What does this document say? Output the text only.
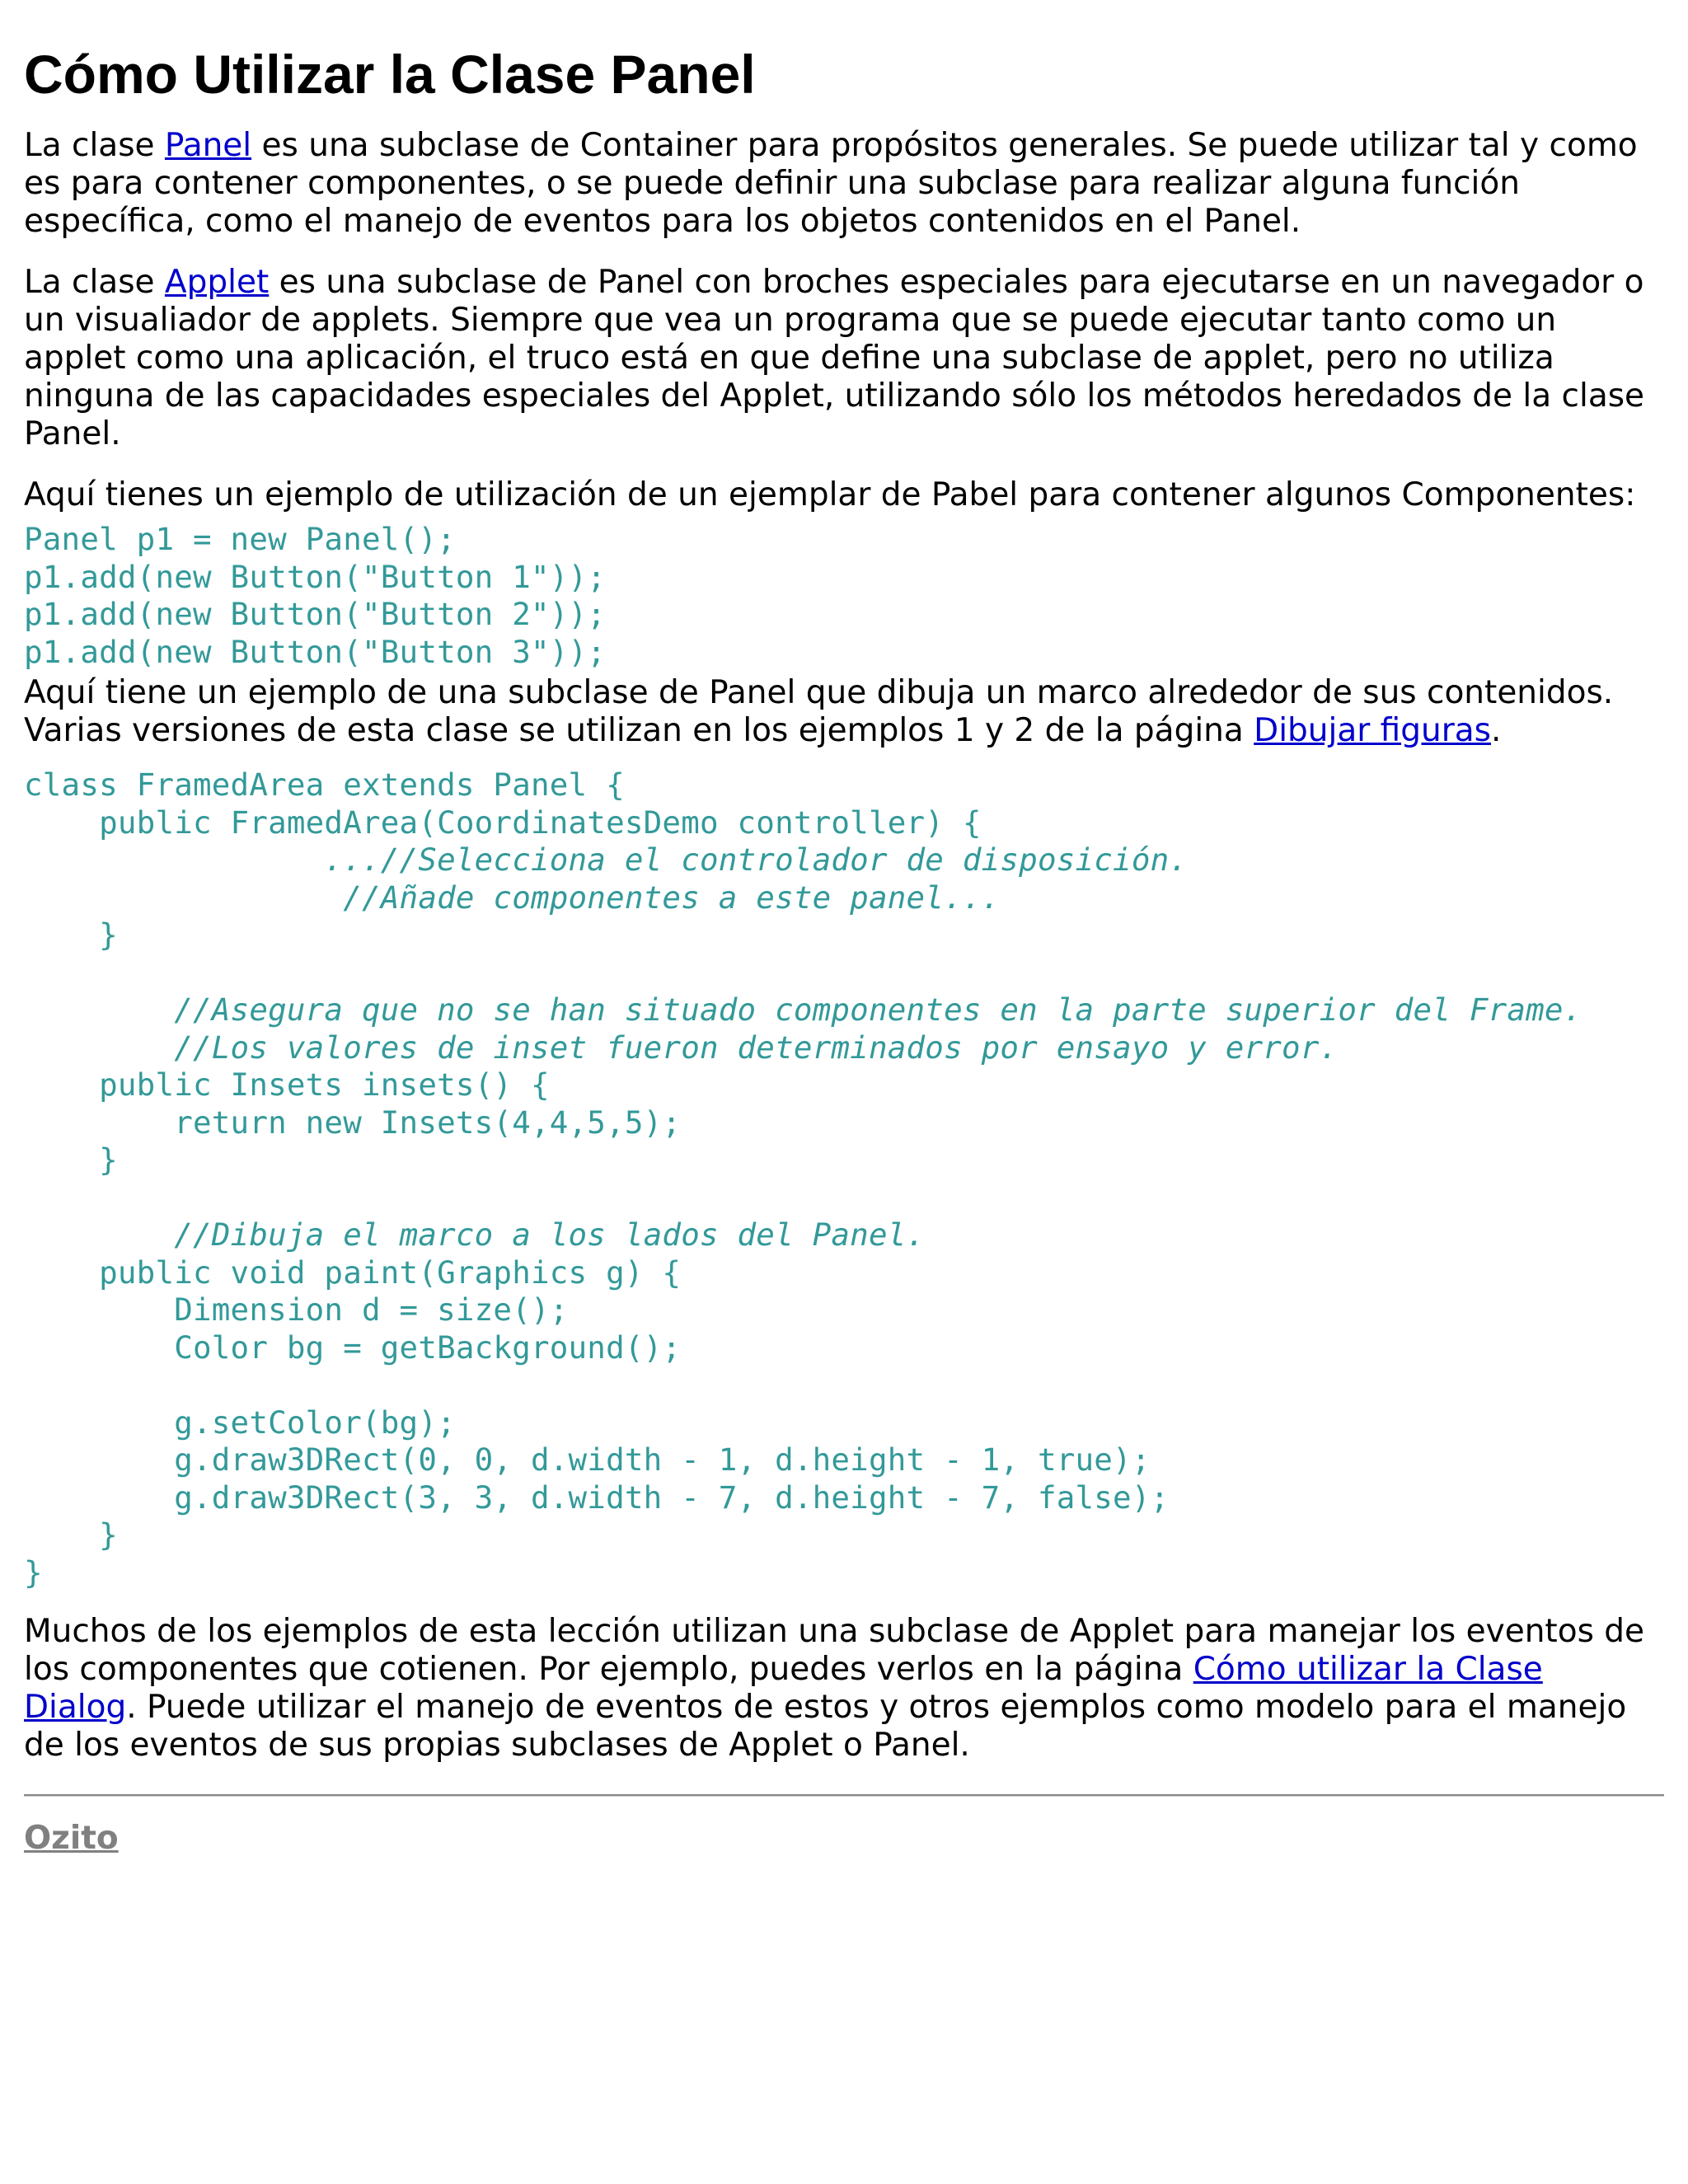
Cómo Utilizar la Clase Panel

La clase Panel es una subclase de Container para propósitos generales. Se puede utilizar tal y como es para contener componentes, o se puede definir una subclase para realizar alguna función específica, como el manejo de eventos para los objetos contenidos en el Panel.

La clase Applet es una subclase de Panel con broches especiales para ejecutarse en un navegador o un visualiador de applets. Siempre que vea un programa que se puede ejecutar tanto como un applet como una aplicación, el truco está en que define una subclase de applet, pero no utiliza ninguna de las capacidades especiales del Applet, utilizando sólo los métodos heredados de la clase Panel.

Aquí tienes un ejemplo de utilización de un ejemplar de Pabel para contener algunos Componentes:

Panel p1 = new Panel();
p1.add(new Button("Button 1"));
p1.add(new Button("Button 2"));
p1.add(new Button("Button 3"));

Aquí tiene un ejemplo de una subclase de Panel que dibuja un marco alrededor de sus contenidos. Varias versiones de esta clase se utilizan en los ejemplos 1 y 2 de la página Dibujar figuras.

class FramedArea extends Panel {
public FramedArea(CoordinatesDemo controller) {
...//Selecciona el controlador de disposición.
//Añade componentes a este panel...
}

//Asegura que no se han situado componentes en la parte superior del Frame.
//Los valores de inset fueron determinados por ensayo y error.
public Insets insets() {
return new Insets(4,4,5,5);
}

//Dibuja el marco a los lados del Panel.
public void paint(Graphics g) {
Dimension d = size();
Color bg = getBackground();

g.setColor(bg);
g.draw3DRect(0, 0, d.width - 1, d.height - 1, true);
g.draw3DRect(3, 3, d.width - 7, d.height - 7, false);
}
}

Muchos de los ejemplos de esta lección utilizan una subclase de Applet para manejar los eventos de los componentes que cotienen. Por ejemplo, puedes verlos en la página Cómo utilizar la Clase Dialog. Puede utilizar el manejo de eventos de estos y otros ejemplos como modelo para el manejo de los eventos de sus propias subclases de Applet o Panel.

Ozito
